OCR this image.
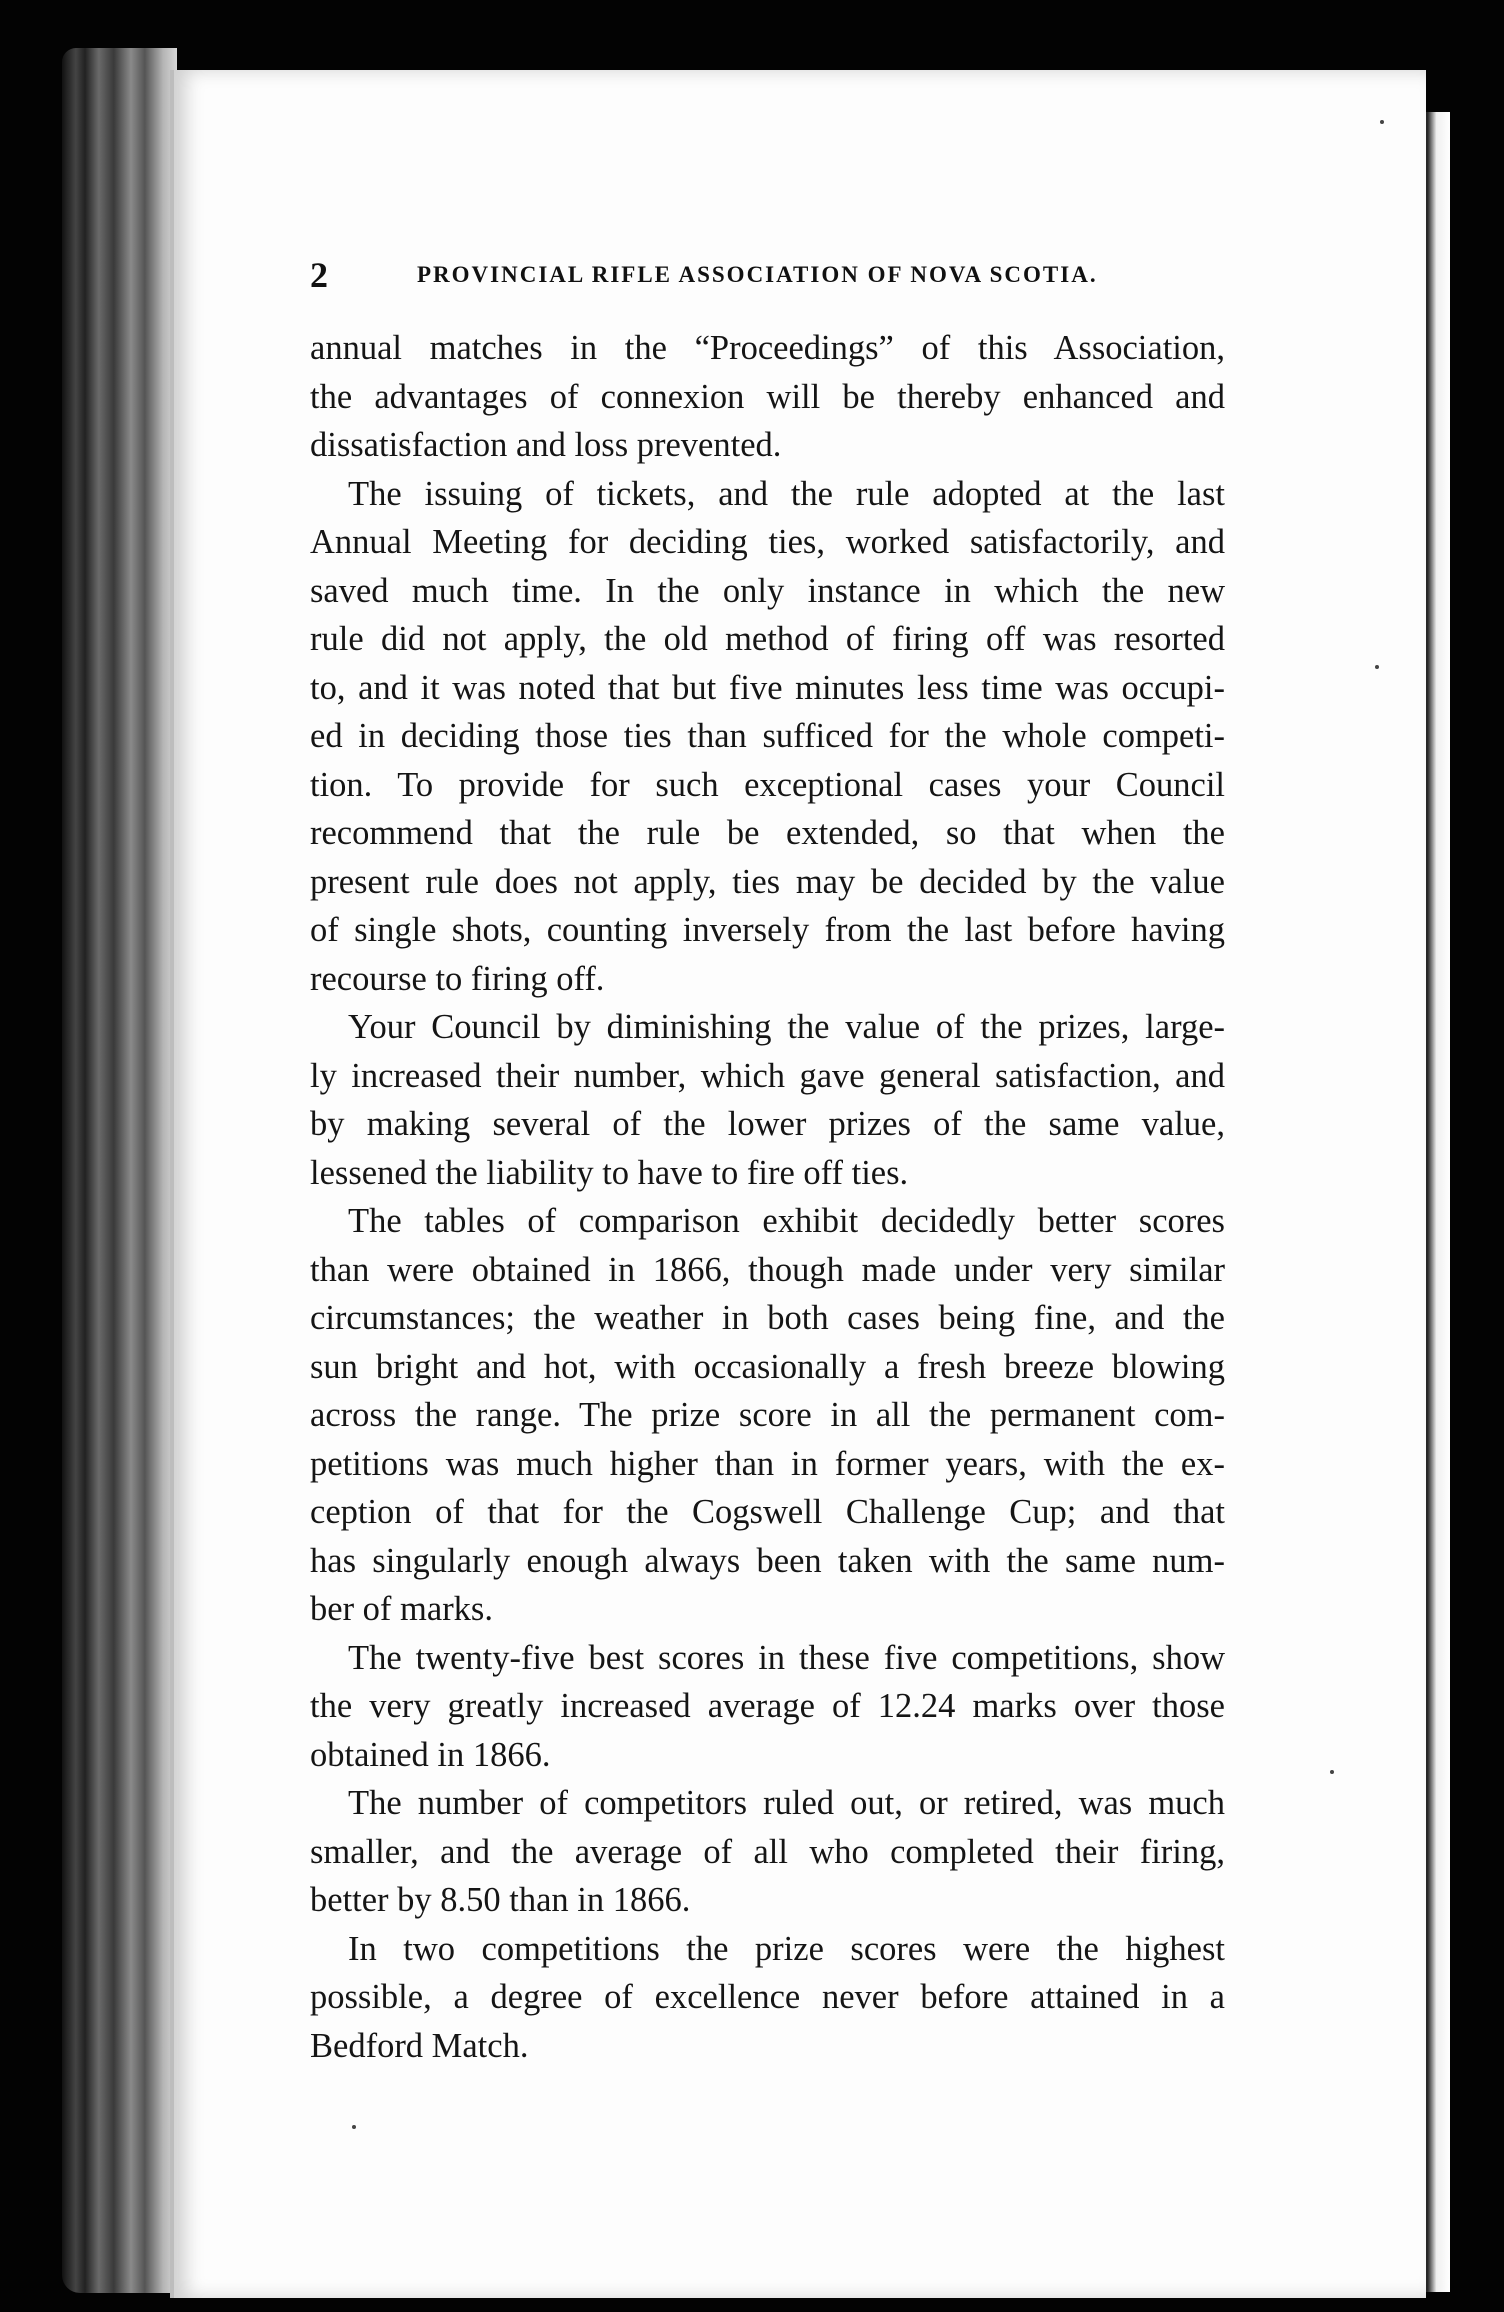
2	PROVINCIAL RIFLE ASSOCIATION OF NOVA SCOTIA.

annual matches in the “Proceedings” of this Association,
the advantages of connexion will be thereby enhanced and
dissatisfaction and loss prevented.

The issuing of tickets, and the rule adopted at the last
Annual Meeting for deciding ties, worked satisfactorily, and
saved much time. In the only instance in which the new
rule did not apply, the old method of firing off was resorted
to, and it was noted that but five minutes less time was occupi-
ed in deciding those ties than sufficed for the whole competi-
tion. To provide for such exceptional cases your Council
recommend that the rule be extended, so that when the
present rule does not apply, ties may be decided by the value
of single shots, counting inversely from the last before having
recourse to firing off.

Your Council by diminishing the value of the prizes, large-
ly increased their number, which gave general satisfaction, and
by making several of the lower prizes of the same value,
lessened the liability to have to fire off ties.

The tables of comparison exhibit decidedly better scores
than were obtained in 1866, though made under very similar
circumstances; the weather in both cases being fine, and the
sun bright and hot, with occasionally a fresh breeze blowing
across the range. The prize score in all the permanent com-
petitions was much higher than in former years, with the ex-
ception of that for the Cogswell Challenge Cup; and that
has singularly enough always been taken with the same num-
ber of marks.

The twenty-five best scores in these five competitions, show
the very greatly increased average of 12.24 marks over those
obtained in 1866.

The number of competitors ruled out, or retired, was much
smaller, and the average of all who completed their firing,
better by 8.50 than in 1866.

In two competitions the prize scores were the highest
possible, a degree of excellence never before attained in a
Bedford Match.
